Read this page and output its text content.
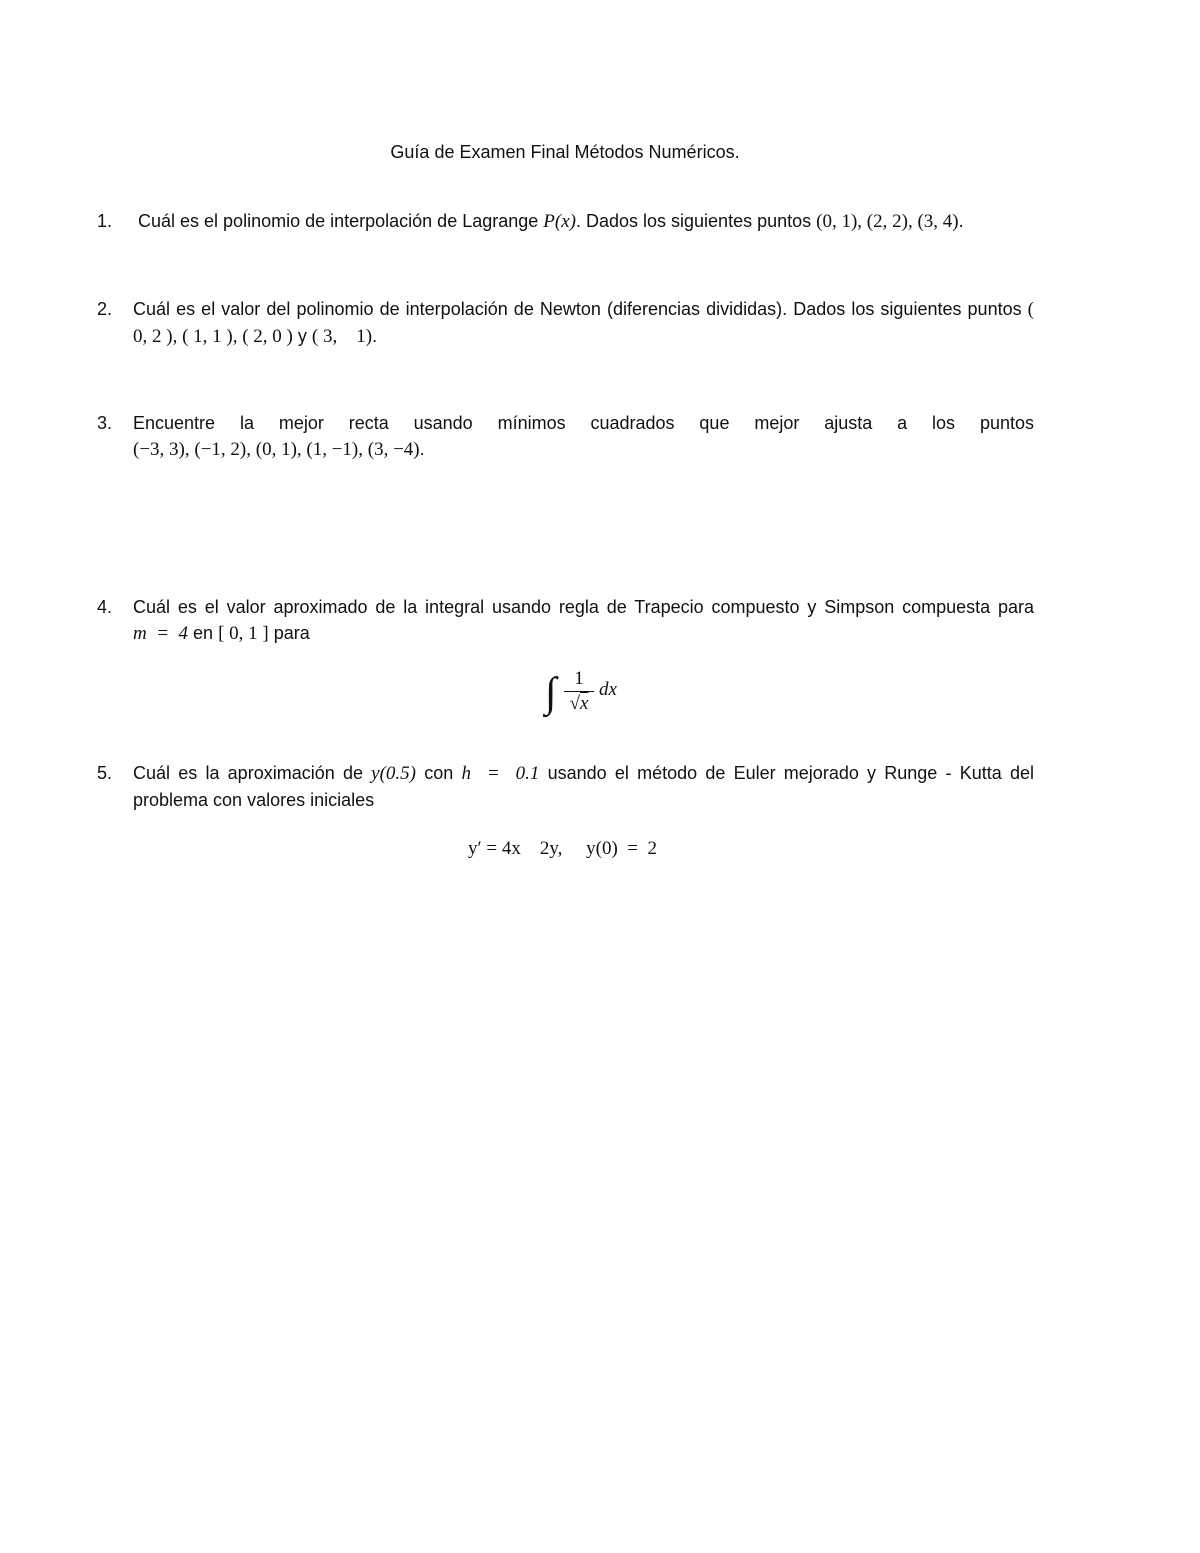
Guía de Examen Final Métodos Numéricos.
1. Cuál es el polinomio de interpolación de Lagrange P(x). Dados los siguientes puntos (0, 1), (2, 2), (3, 4).
2. Cuál es el valor del polinomio de interpolación de Newton (diferencias divididas). Dados los siguientes puntos ( 0, 2 ), ( 1, 1 ), ( 2, 0 ) y ( 3,    1).
3. Encuentre la mejor recta usando mínimos cuadrados que mejor ajusta a los puntos
(−3, 3), (−1, 2), (0, 1), (1, −1), (3, −4).
4. Cuál es el valor aproximado de la integral usando regla de Trapecio compuesto y Simpson compuesta para m  =  4 en [ 0, 1 ] para
∫ 1
√x
dx
5. Cuál es la aproximación de y(0.5) con h  =  0.1 usando el método de Euler mejorado y Runge - Kutta del problema con valores iniciales
y′ = 4x    2y,     y(0)  =  2
